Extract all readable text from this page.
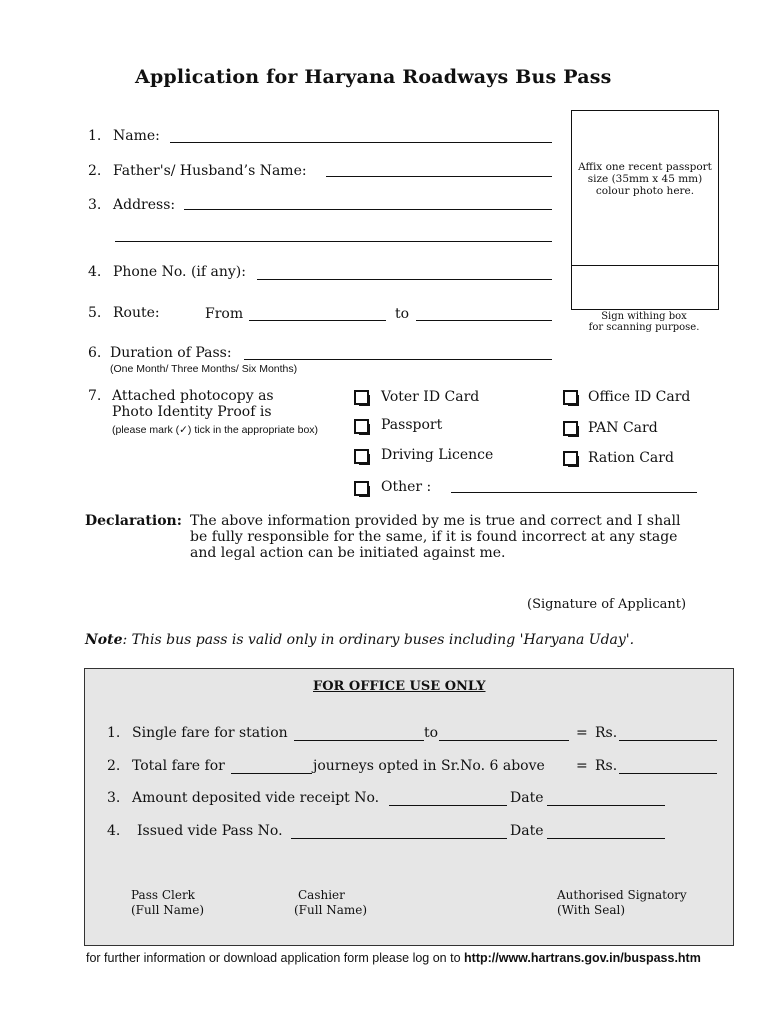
Application for Haryana Roadways Bus Pass
Affix one recent passport size (35mm x 45 mm) colour photo here.
Sign withing box
for scanning purpose.
1. Name:
2. Father's/ Husband’s Name:
3. Address:
4. Phone No. (if any):
5. Route:	From	to
6. Duration of Pass:
(One Month/ Three Months/ Six Months)
7. Attached photocopy as
Photo Identity Proof is
(please mark (✓) tick in the appropriate box)
Voter ID Card	Office ID Card
Passport	PAN Card
Driving Licence	Ration Card
Other :
Declaration: The above information provided by me is true and correct and I shall
be fully responsible for the same, if it is found incorrect at any stage
and legal action can be initiated against me.
(Signature of Applicant)
Note: This bus pass is valid only in ordinary buses including 'Haryana Uday'.
FOR OFFICE USE ONLY
1. Single fare for station	to	= Rs.
2. Total fare for	journeys opted in Sr.No. 6 above = Rs.
3. Amount deposited vide receipt No.	Date
4. Issued vide Pass No.	Date
Pass Clerk
(Full Name)
Cashier
(Full Name)
Authorised Signatory
(With Seal)
for further information or download application form please log on to http://www.hartrans.gov.in/buspass.htm
